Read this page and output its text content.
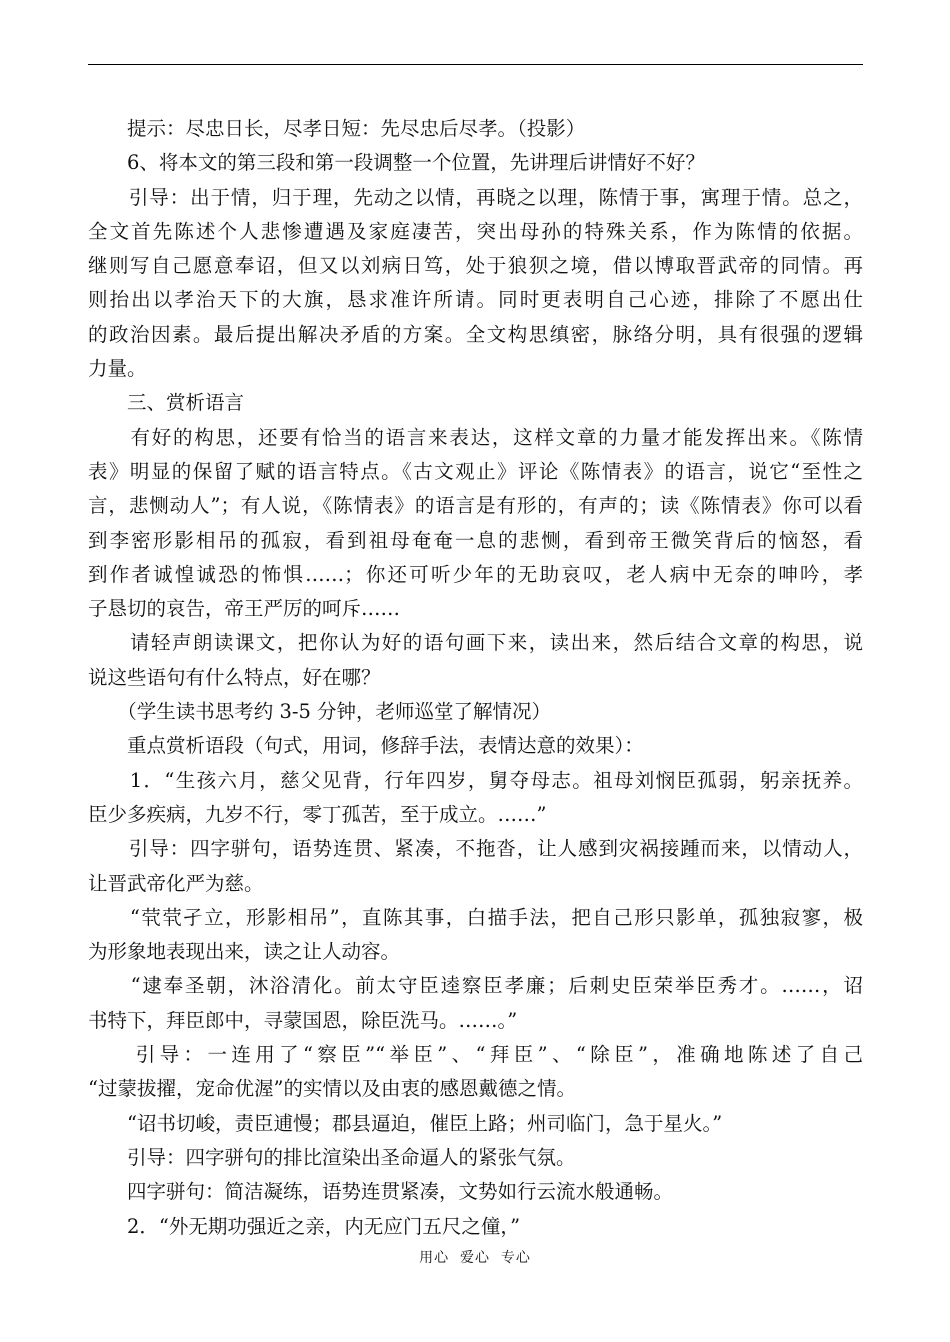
　　提示：尽忠日长，尽孝日短：先尽忠后尽孝。（投影）
　　6、将本文的第三段和第一段调整一个位置，先讲理后讲情好不好？
　　引导：出于情，归于理，先动之以情，再晓之以理，陈情于事，寓理于情。总之，
全文首先陈述个人悲惨遭遇及家庭凄苦，突出母孙的特殊关系，作为陈情的依据。
继则写自己愿意奉诏，但又以刘病日笃，处于狼狈之境，借以博取晋武帝的同情。再
则抬出以孝治天下的大旗，恳求准许所请。同时更表明自己心迹，排除了不愿出仕
的政治因素。最后提出解决矛盾的方案。全文构思缜密，脉络分明，具有很强的逻辑
力量。
　　三、赏析语言
　　有好的构思，还要有恰当的语言来表达，这样文章的力量才能发挥出来。《陈情
表》明显的保留了赋的语言特点。《古文观止》评论《陈情表》的语言，说它“至性之
言，悲恻动人”；有人说，《陈情表》的语言是有形的，有声的；读《陈情表》你可以看
到李密形影相吊的孤寂，看到祖母奄奄一息的悲恻，看到帝王微笑背后的恼怒，看
到作者诚惶诚恐的怖惧……；你还可听少年的无助哀叹，老人病中无奈的呻吟，孝
子恳切的哀告，帝王严厉的呵斥……
　　请轻声朗读课文，把你认为好的语句画下来，读出来，然后结合文章的构思，说
说这些语句有什么特点，好在哪？
　　（学生读书思考约 3-5 分钟，老师巡堂了解情况）
　　重点赏析语段（句式，用词，修辞手法，表情达意的效果）：
　　1．“生孩六月，慈父见背，行年四岁，舅夺母志。祖母刘悯臣孤弱，躬亲抚养。
臣少多疾病，九岁不行，零丁孤苦，至于成立。……”
　　引导：四字骈句，语势连贯、紧凑，不拖沓，让人感到灾祸接踵而来，以情动人，
让晋武帝化严为慈。
　　“茕茕孑立，形影相吊”，直陈其事，白描手法，把自己形只影单，孤独寂寥，极
为形象地表现出来，读之让人动容。
　　“逮奉圣朝，沐浴清化。前太守臣逵察臣孝廉；后刺史臣荣举臣秀才。……，诏
书特下，拜臣郎中，寻蒙国恩，除臣洗马。……。”
　　引导：一连用了“察臣”“举臣”、“拜臣”、“除臣”，准确地陈述了自己
“过蒙拔擢，宠命优渥”的实情以及由衷的感恩戴德之情。
　　“诏书切峻，责臣逋慢；郡县逼迫，催臣上路；州司临门，急于星火。”
　　引导：四字骈句的排比渲染出圣命逼人的紧张气氛。
　　四字骈句：简洁凝练，语势连贯紧凑，文势如行云流水般通畅。
　　2．“外无期功强近之亲，内无应门五尺之僮，”
用心  爱心  专心
